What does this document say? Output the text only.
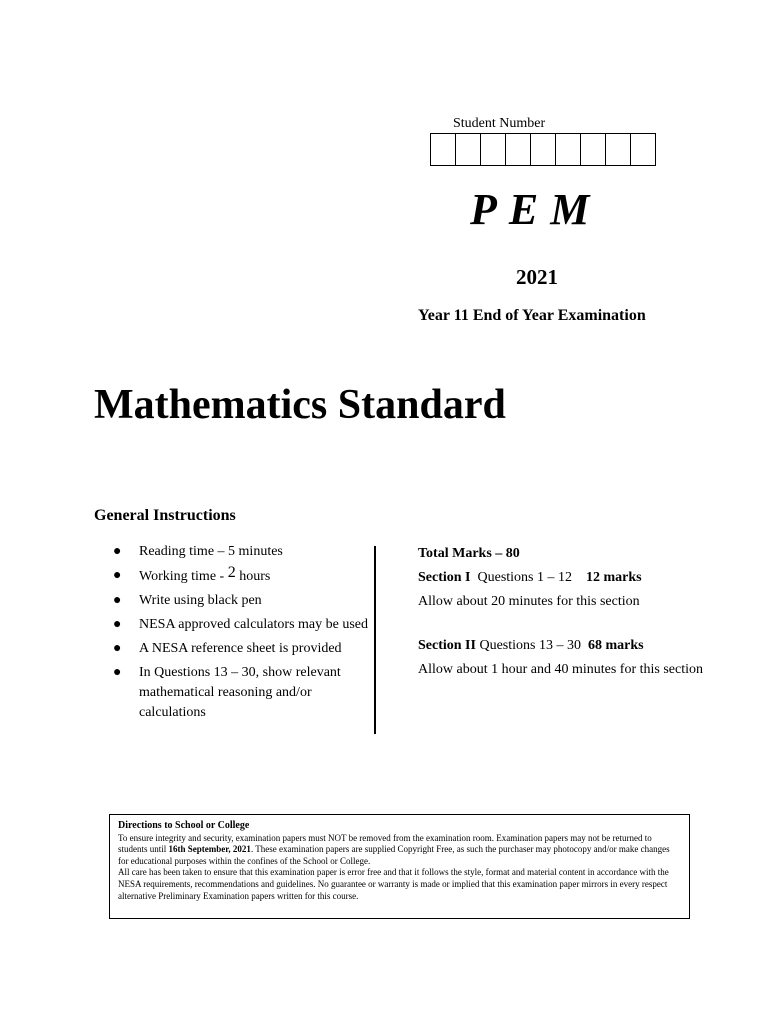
Student Number
PEM
2021
Year 11 End of Year Examination
Mathematics Standard
General Instructions
● Reading time – 5 minutes
● Working time - 2 hours
● Write using black pen
● NESA approved calculators may be used
● A NESA reference sheet is provided
● In Questions 13 – 30, show relevant mathematical reasoning and/or calculations
Total Marks – 80
Section I Questions 1 – 12 12 marks
Allow about 20 minutes for this section
Section II Questions 13 – 30 68 marks
Allow about 1 hour and 40 minutes for this section
Directions to School or College
To ensure integrity and security, examination papers must NOT be removed from the examination room. Examination papers may not be returned to students until 16th September, 2021. These examination papers are supplied Copyright Free, as such the purchaser may photocopy and/or make changes for educational purposes within the confines of the School or College.
All care has been taken to ensure that this examination paper is error free and that it follows the style, format and material content in accordance with the NESA requirements, recommendations and guidelines. No guarantee or warranty is made or implied that this examination paper mirrors in every respect alternative Preliminary Examination papers written for this course.
